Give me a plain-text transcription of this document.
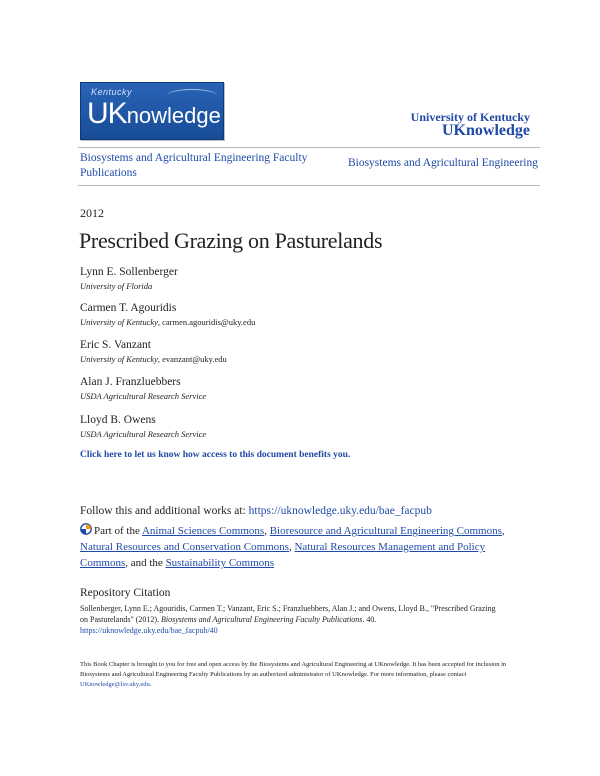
Kentucky
UKnowledge	University of Kentucky
UKnowledge
Biosystems and Agricultural Engineering Faculty Publications
Biosystems and Agricultural Engineering
2012
Prescribed Grazing on Pasturelands
Lynn E. Sollenberger
University of Florida
Carmen T. Agouridis
University of Kentucky, carmen.agouridis@uky.edu
Eric S. Vanzant
University of Kentucky, evanzant@uky.edu
Alan J. Franzluebbers
USDA Agricultural Research Service
Lloyd B. Owens
USDA Agricultural Research Service
Click here to let us know how access to this document benefits you.
Follow this and additional works at: https://uknowledge.uky.edu/bae_facpub
Part of the Animal Sciences Commons, Bioresource and Agricultural Engineering Commons, Natural Resources and Conservation Commons, Natural Resources Management and Policy Commons, and the Sustainability Commons
Repository Citation
Sollenberger, Lynn E.; Agouridis, Carmen T.; Vanzant, Eric S.; Franzluebbers, Alan J.; and Owens, Lloyd B., "Prescribed Grazing on Pasturelands" (2012). Biosystems and Agricultural Engineering Faculty Publications. 40.
https://uknowledge.uky.edu/bae_facpub/40
This Book Chapter is brought to you for free and open access by the Biosystems and Agricultural Engineering at UKnowledge. It has been accepted for inclusion in Biosystems and Agricultural Engineering Faculty Publications by an authorized administrator of UKnowledge. For more information, please contact UKnowledge@lsv.uky.edu.
